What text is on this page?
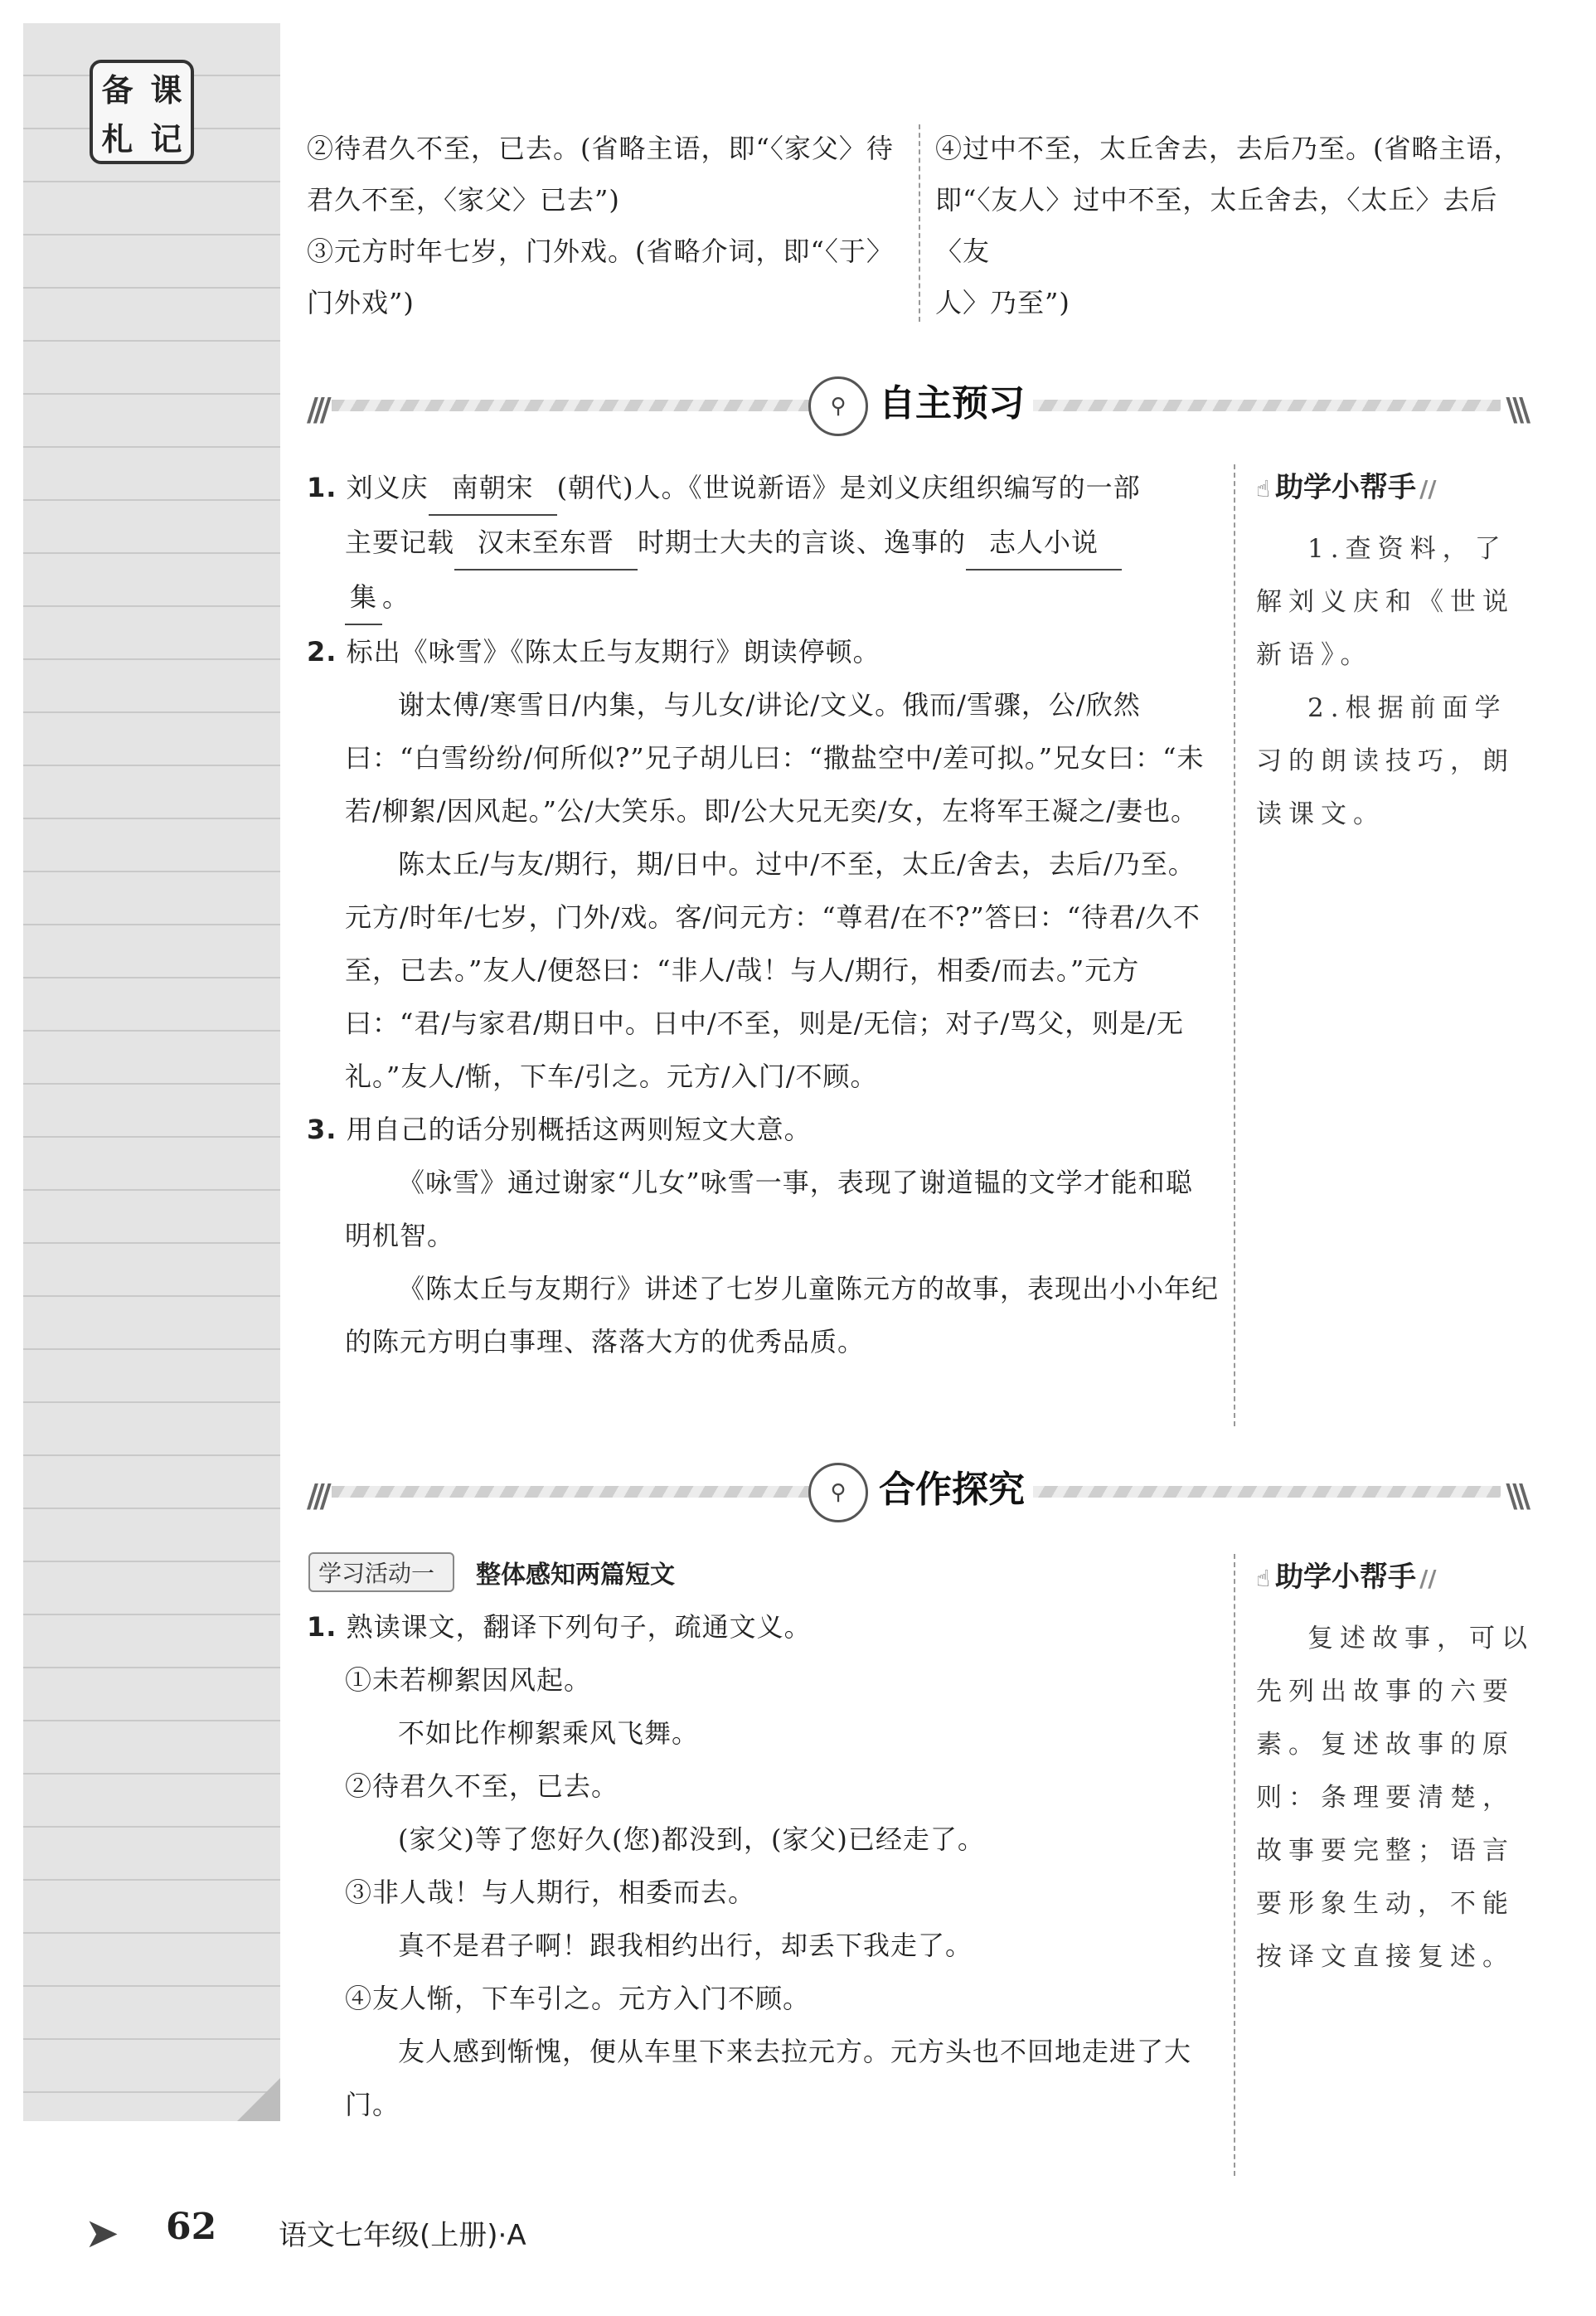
备 课
札 记	②待君久不至，已去。(省略主语，即“〈家父〉待
君久不至，〈家父〉已去”)
③元方时年七岁，门外戏。(省略介词，即“〈于〉
门外戏”)
④过中不至，太丘舍去，去后乃至。(省略主语，
即“〈友人〉过中不至，太丘舍去，〈太丘〉去后〈友
人〉乃至”)
///	\\\
⚲ 自主预习
1. 刘义庆 南朝宋 (朝代)人。《世说新语》是刘义庆组织编写的一部
主要记载 汉末至东晋 时期士大夫的言谈、逸事的 志人小说
集 。
2. 标出《咏雪》《陈太丘与友期行》朗读停顿。
谢太傅/寒雪日/内集，与儿女/讲论/文义。俄而/雪骤，公/欣然曰：“白雪纷纷/何所似?”兄子胡儿曰：“撒盐空中/差可拟。”兄女曰：“未若/柳絮/因风起。”公/大笑乐。即/公大兄无奕/女，左将军王凝之/妻也。
陈太丘/与友/期行，期/日中。过中/不至，太丘/舍去，去后/乃至。元方/时年/七岁，门外/戏。客/问元方：“尊君/在不?”答曰：“待君/久不至，已去。”友人/便怒曰：“非人/哉！与人/期行，相委/而去。”元方曰：“君/与家君/期日中。日中/不至，则是/无信；对子/骂父，则是/无礼。”友人/惭，下车/引之。元方/入门/不顾。
3. 用自己的话分别概括这两则短文大意。
《咏雪》通过谢家“儿女”咏雪一事，表现了谢道韫的文学才能和聪明机智。
《陈太丘与友期行》讲述了七岁儿童陈元方的故事，表现出小小年纪的陈元方明白事理、落落大方的优秀品质。
☝ 助学小帮手 //
1.查资料，了解刘义庆和《世说新语》。
2.根据前面学习的朗读技巧，朗读课文。
///	\\\
⚲ 合作探究
学习活动一	整体感知两篇短文
1. 熟读课文，翻译下列句子，疏通文义。
①未若柳絮因风起。
不如比作柳絮乘风飞舞。
②待君久不至，已去。
(家父)等了您好久(您)都没到，(家父)已经走了。
③非人哉！与人期行，相委而去。
真不是君子啊！跟我相约出行，却丢下我走了。
④友人惭，下车引之。元方入门不顾。
友人感到惭愧，便从车里下来去拉元方。元方头也不回地走进了大门。
☝ 助学小帮手 //
复述故事，可以先列出故事的六要素。复述故事的原则：条理要清楚，故事要完整；语言要形象生动，不能按译文直接复述。
➤ 62 语文七年级(上册)·A
